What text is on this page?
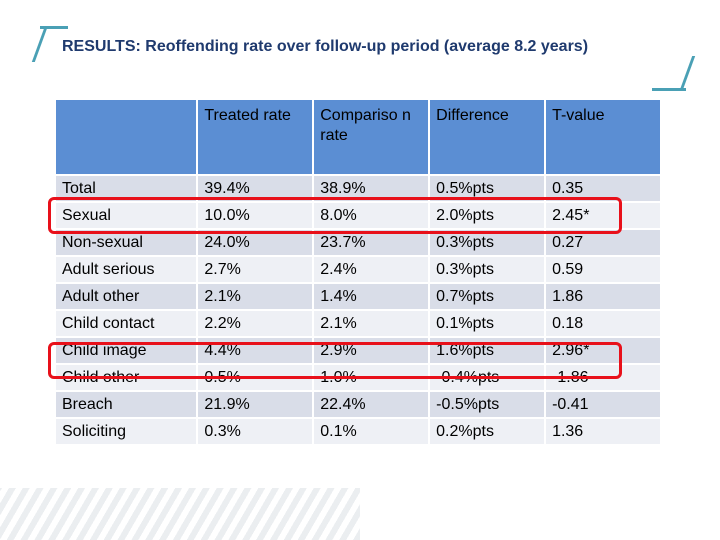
RESULTS: Reoffending rate over follow-up period (average 8.2 years)
	Treated rate	Compariso n rate	Difference	T-value
Total	39.4%	38.9%	0.5%pts	0.35
Sexual	10.0%	8.0%	2.0%pts	2.45*
Non-sexual	24.0%	23.7%	0.3%pts	0.27
Adult serious	2.7%	2.4%	0.3%pts	0.59
Adult other	2.1%	1.4%	0.7%pts	1.86
Child contact	2.2%	2.1%	0.1%pts	0.18
Child image	4.4%	2.9%	1.6%pts	2.96*
Child other	0.5%	1.0%	-0.4%pts	-1.86
Breach	21.9%	22.4%	-0.5%pts	-0.41
Soliciting	0.3%	0.1%	0.2%pts	1.36
